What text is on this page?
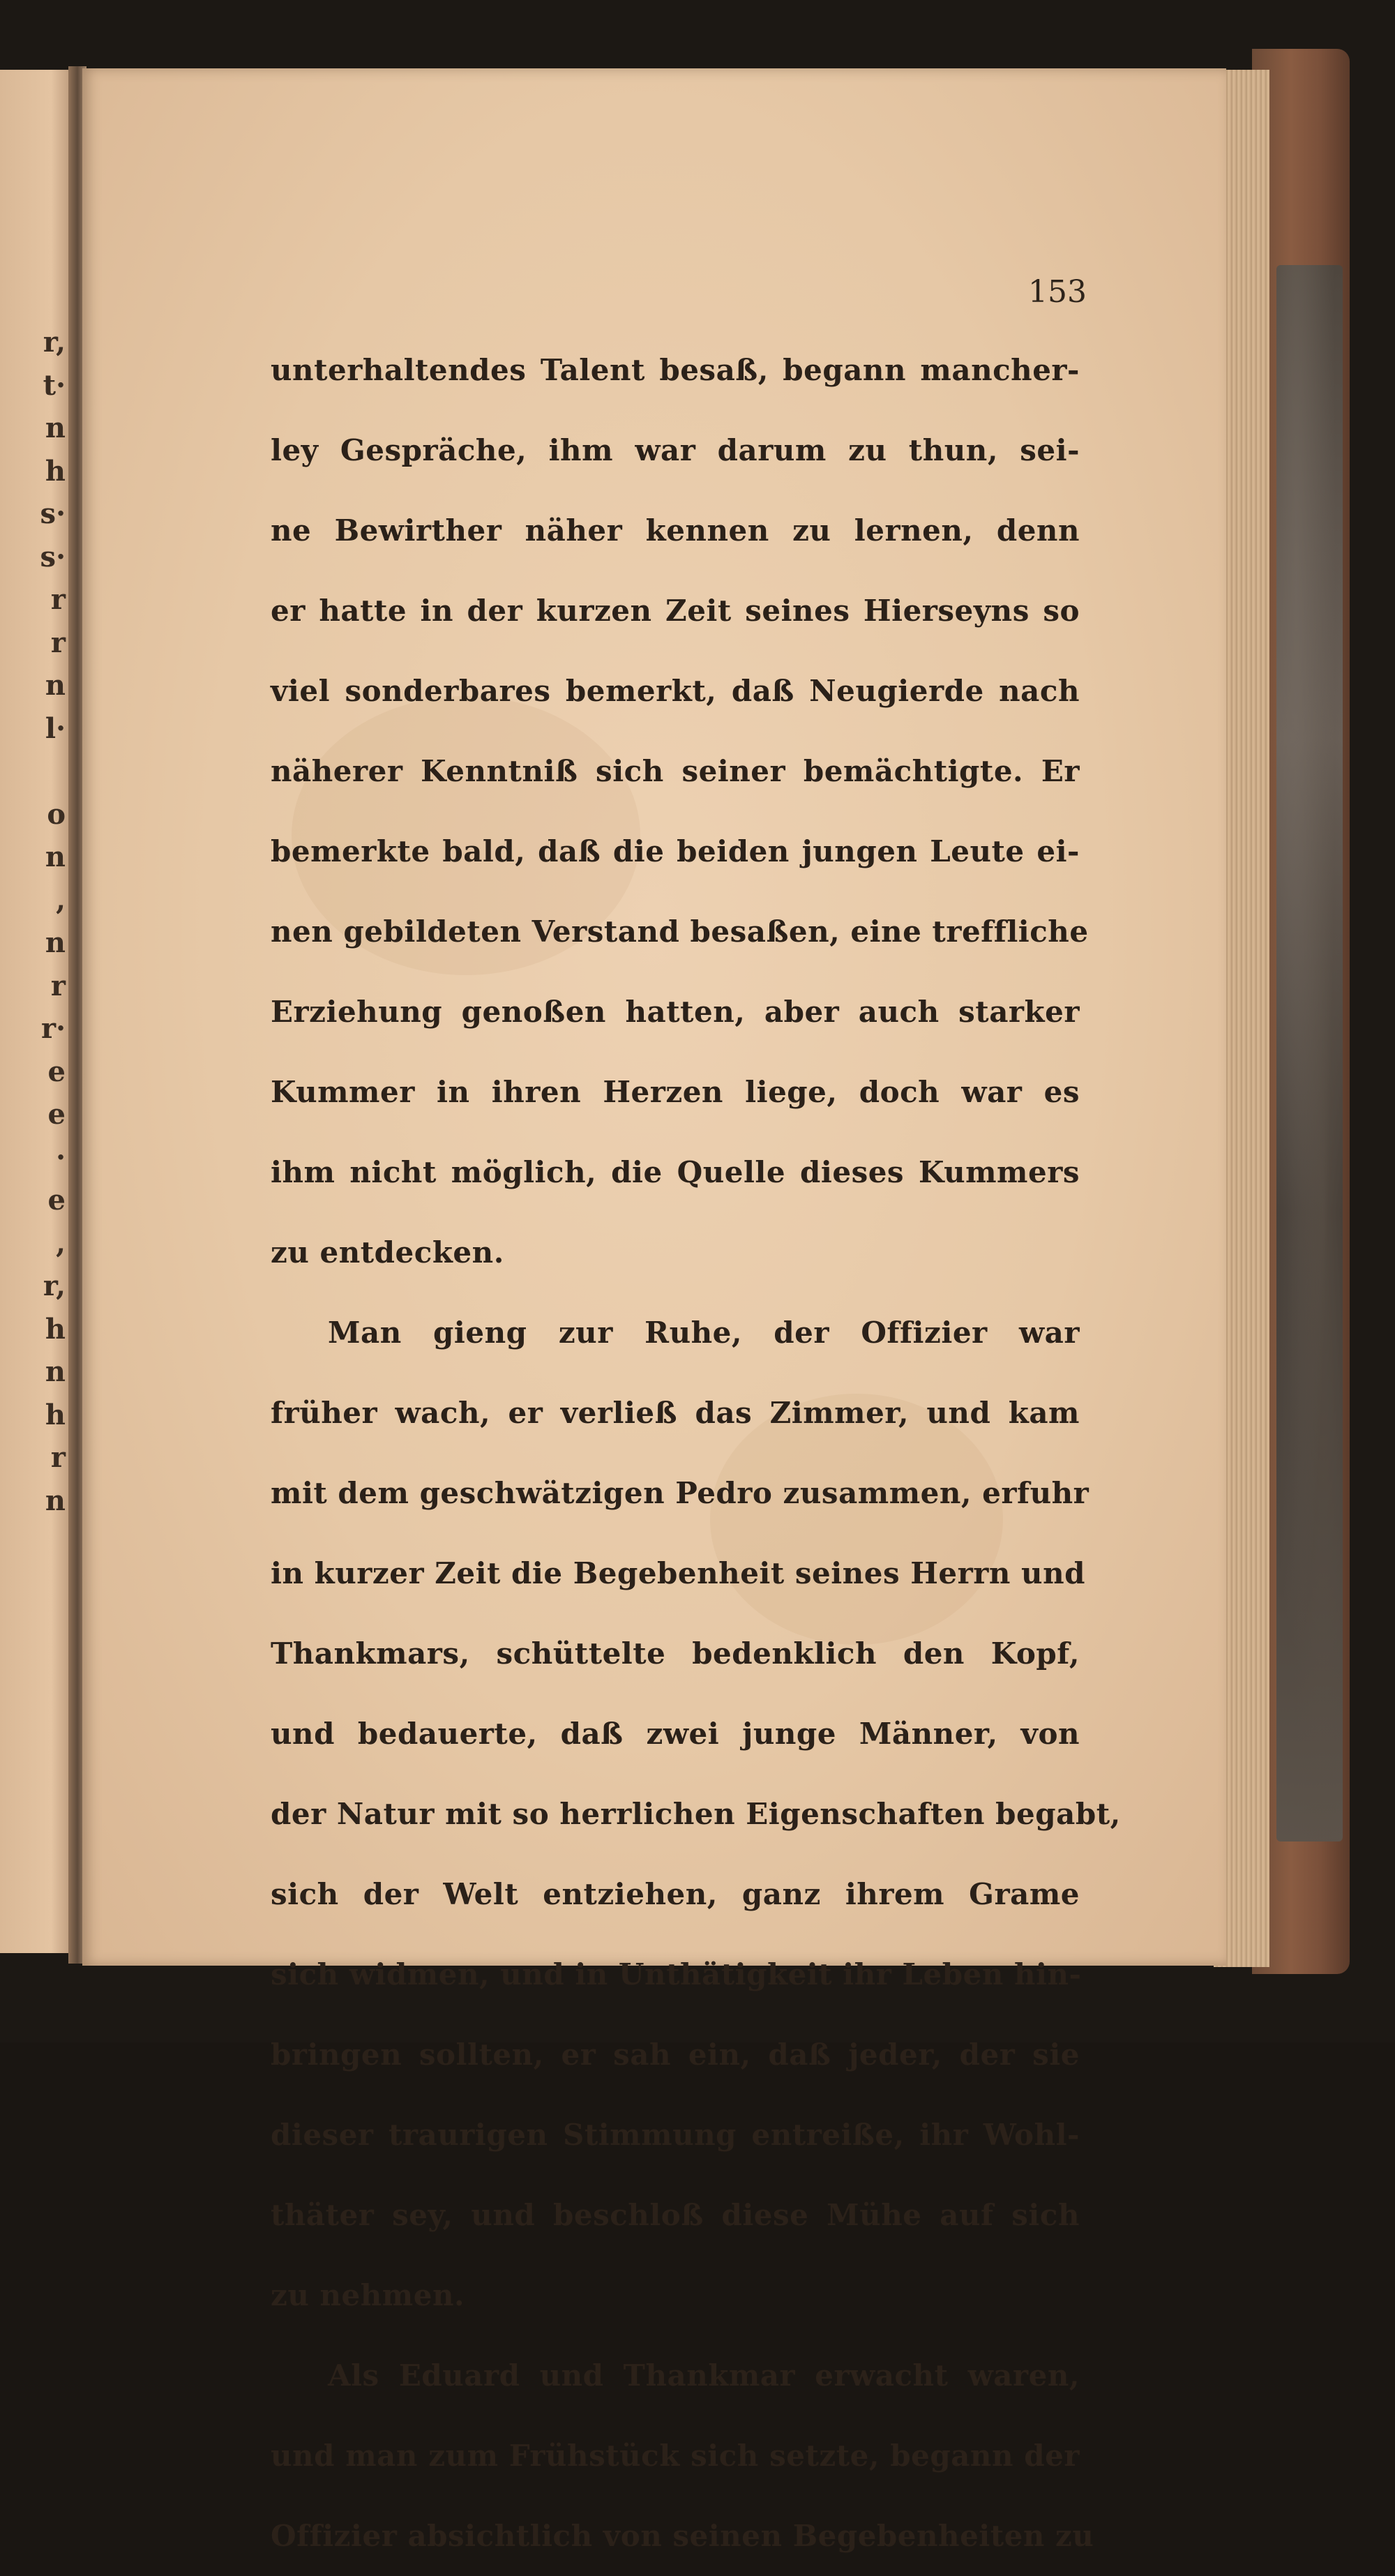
r,
t·
n
h
s·
s·
r
r
n
l·
o
n
,
n
r
r·
e
e
·
e
,
r,
h
n
h
r
n
153
unterhaltendes Talent besaß, begann mancher-
ley Gespräche, ihm war darum zu thun, sei-
ne Bewirther näher kennen zu lernen, denn
er hatte in der kurzen Zeit seines Hierseyns so
viel sonderbares bemerkt, daß Neugierde nach
näherer Kenntniß sich seiner bemächtigte. Er
bemerkte bald, daß die beiden jungen Leute ei-
nen gebildeten Verstand besaßen, eine treffliche
Erziehung genoßen hatten, aber auch starker
Kummer in ihren Herzen liege, doch war es
ihm nicht möglich, die Quelle dieses Kummers
zu entdecken.
Man gieng zur Ruhe, der Offizier war
früher wach, er verließ das Zimmer, und kam
mit dem geschwätzigen Pedro zusammen, erfuhr
in kurzer Zeit die Begebenheit seines Herrn und
Thankmars, schüttelte bedenklich den Kopf,
und bedauerte, daß zwei junge Männer, von
der Natur mit so herrlichen Eigenschaften begabt,
sich der Welt entziehen, ganz ihrem Grame
sich widmen, und in Unthätigkeit ihr Leben hin-
bringen sollten, er sah ein, daß jeder, der sie
dieser traurigen Stimmung entreiße, ihr Wohl-
thäter sey, und beschloß diese Mühe auf sich
zu nehmen.
Als Eduard und Thankmar erwacht waren,
und man zum Frühstück sich setzte, begann der
Offizier absichtlich von seinen Begebenheiten zu
